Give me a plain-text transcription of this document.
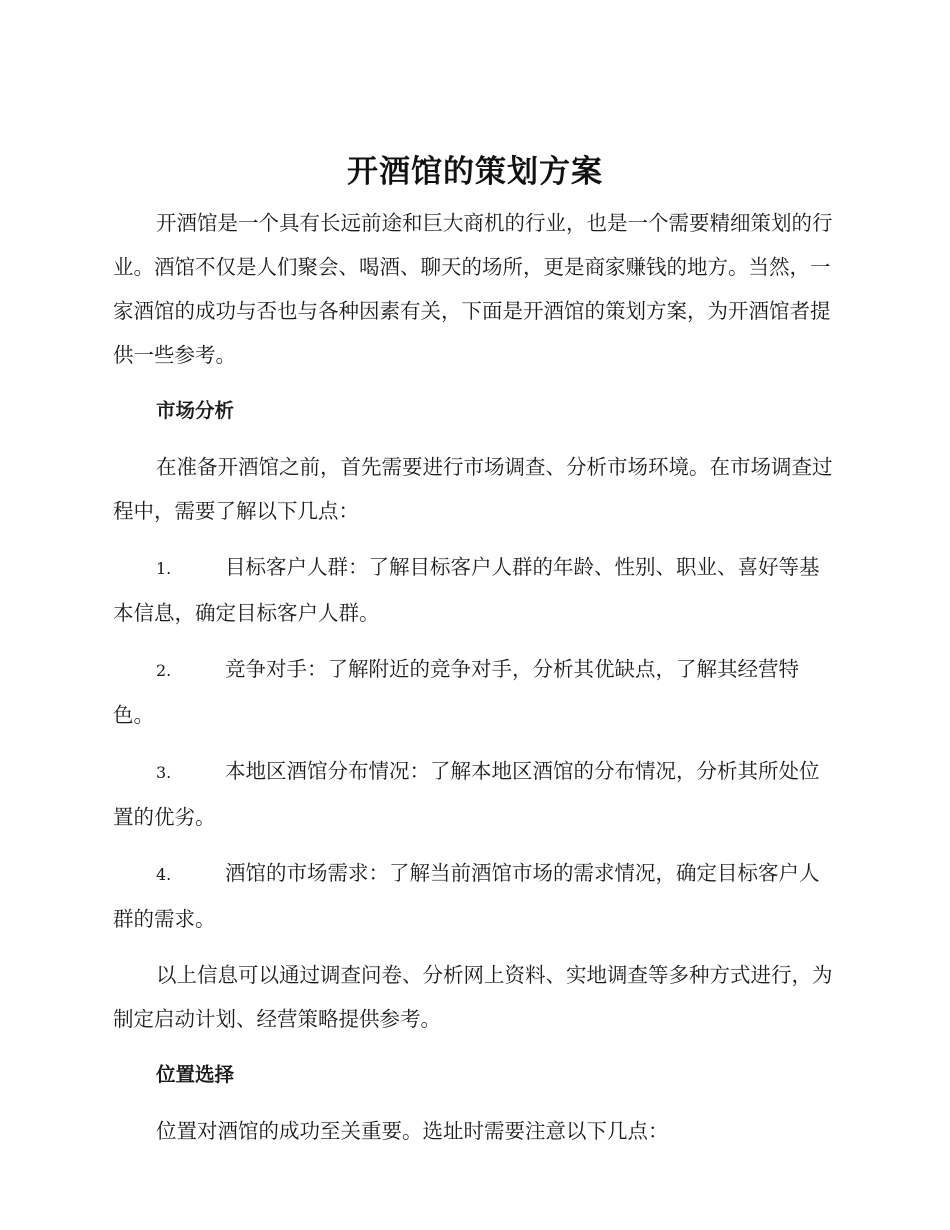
开酒馆的策划方案

开酒馆是一个具有长远前途和巨大商机的行业，也是一个需要精细策划的行业。酒馆不仅是人们聚会、喝酒、聊天的场所，更是商家赚钱的地方。当然，一家酒馆的成功与否也与各种因素有关，下面是开酒馆的策划方案，为开酒馆者提供一些参考。

市场分析

在准备开酒馆之前，首先需要进行市场调查、分析市场环境。在市场调查过程中，需要了解以下几点：

1.	目标客户人群：了解目标客户人群的年龄、性别、职业、喜好等基本信息，确定目标客户人群。

2.	竞争对手：了解附近的竞争对手，分析其优缺点，了解其经营特色。

3.	本地区酒馆分布情况：了解本地区酒馆的分布情况，分析其所处位置的优劣。

4.	酒馆的市场需求：了解当前酒馆市场的需求情况，确定目标客户人群的需求。

以上信息可以通过调查问卷、分析网上资料、实地调查等多种方式进行，为制定启动计划、经营策略提供参考。

位置选择

位置对酒馆的成功至关重要。选址时需要注意以下几点：
